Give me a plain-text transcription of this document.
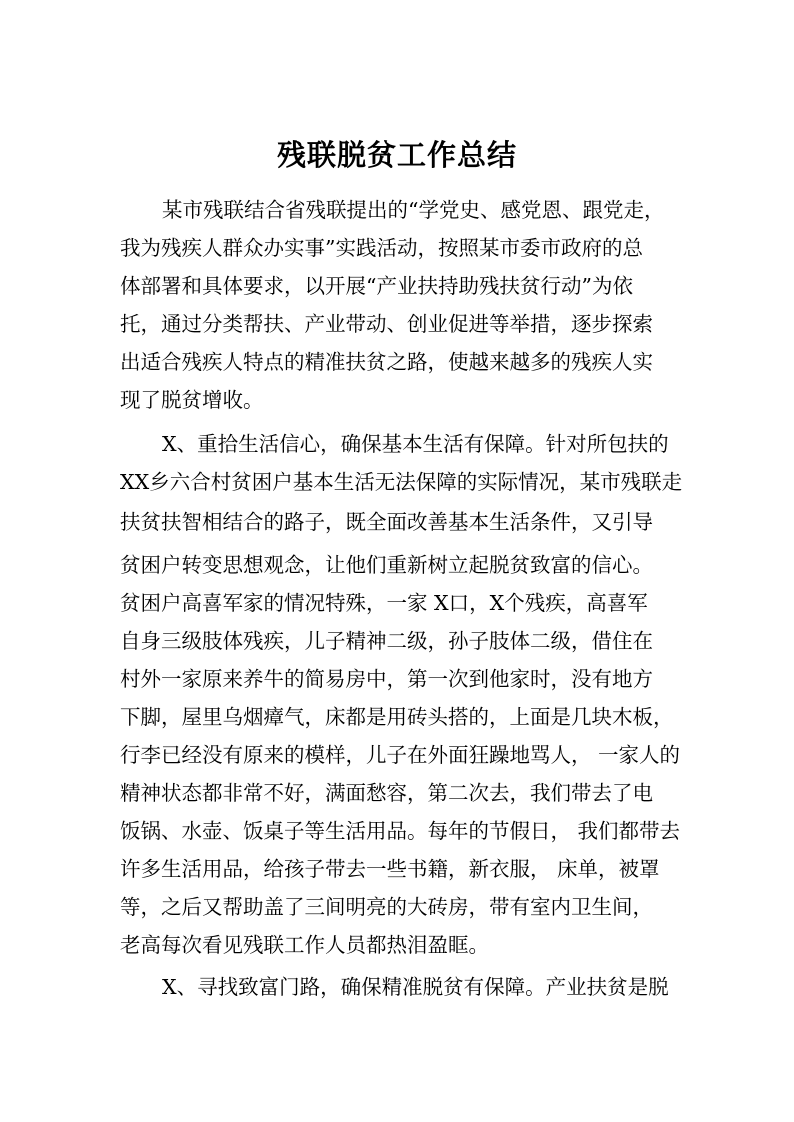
残联脱贫工作总结
某市残联结合省残联提出的“学党史、感党恩、跟党走，
我为残疾人群众办实事”实践活动，按照某市委市政府的总
体部署和具体要求，以开展“产业扶持助残扶贫行动”为依
托，通过分类帮扶、产业带动、创业促进等举措，逐步探索
出适合残疾人特点的精准扶贫之路，使越来越多的残疾人实
现了脱贫增收。
X、重拾生活信心，确保基本生活有保障。针对所包扶的
XX乡六合村贫困户基本生活无法保障的实际情况，某市残联走
扶贫扶智相结合的路子，既全面改善基本生活条件，又引导
贫困户转变思想观念，让他们重新树立起脱贫致富的信心。
贫困户高喜军家的情况特殊，一家 X口，X个残疾，高喜军
自身三级肢体残疾，儿子精神二级，孙子肢体二级，借住在
村外一家原来养牛的简易房中，第一次到他家时，没有地方
下脚，屋里乌烟瘴气，床都是用砖头搭的，上面是几块木板，
行李已经没有原来的模样，儿子在外面狂躁地骂人， 一家人的
精神状态都非常不好，满面愁容，第二次去，我们带去了电
饭锅、水壶、饭桌子等生活用品。每年的节假日， 我们都带去
许多生活用品，给孩子带去一些书籍，新衣服， 床单，被罩
等，之后又帮助盖了三间明亮的大砖房，带有室内卫生间，
老高每次看见残联工作人员都热泪盈眶。
X、寻找致富门路，确保精准脱贫有保障。产业扶贫是脱
